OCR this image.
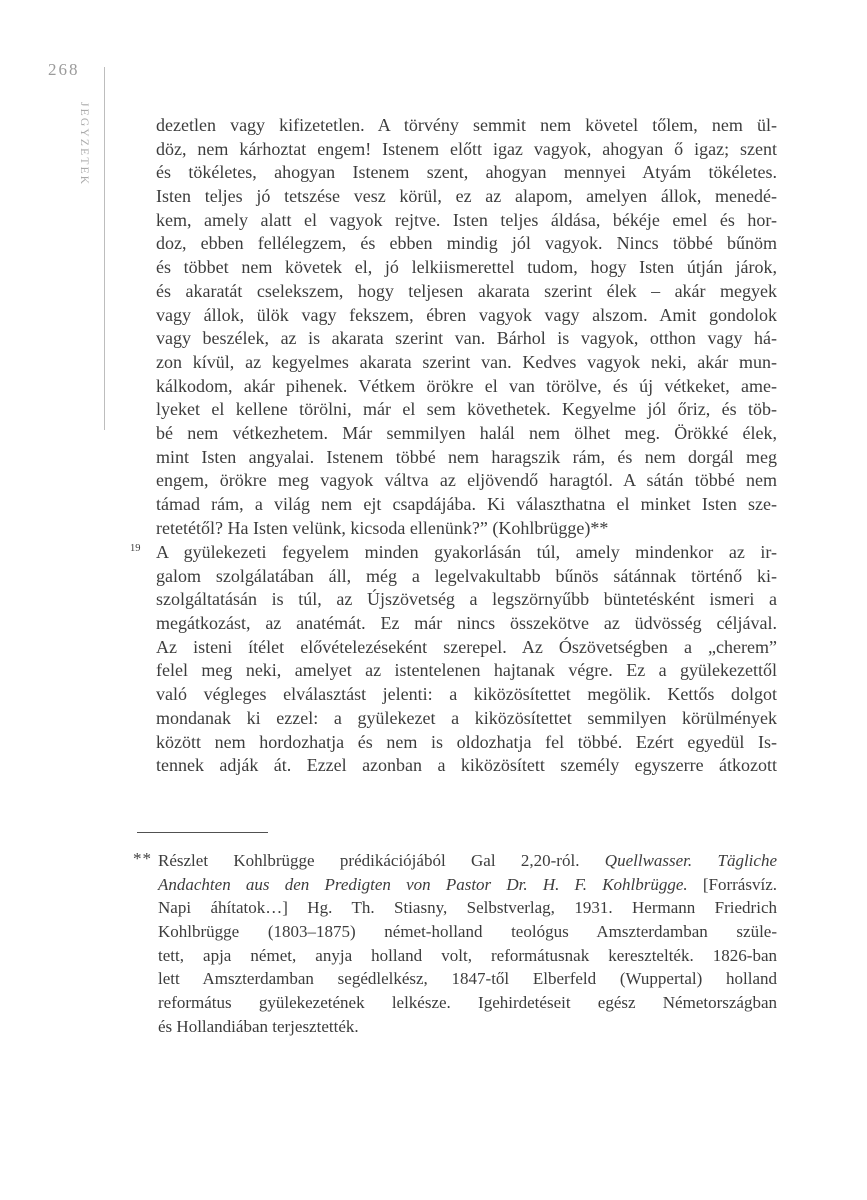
268
JEGYZETEK	dezetlen vagy kifizetetlen. A törvény semmit nem követel tőlem, nem ül-
döz, nem kárhoztat engem! Istenem előtt igaz vagyok, ahogyan ő igaz; szent
és tökéletes, ahogyan Istenem szent, ahogyan mennyei Atyám tökéletes.
Isten teljes jó tetszése vesz körül, ez az alapom, amelyen állok, menedé-
kem, amely alatt el vagyok rejtve. Isten teljes áldása, békéje emel és hor-
doz, ebben fellélegzem, és ebben mindig jól vagyok. Nincs többé bűnöm
és többet nem követek el, jó lelkiismerettel tudom, hogy Isten útján járok,
és akaratát cselekszem, hogy teljesen akarata szerint élek – akár megyek
vagy állok, ülök vagy fekszem, ébren vagyok vagy alszom. Amit gondolok
vagy beszélek, az is akarata szerint van. Bárhol is vagyok, otthon vagy há-
zon kívül, az kegyelmes akarata szerint van. Kedves vagyok neki, akár mun-
kálkodom, akár pihenek. Vétkem örökre el van törölve, és új vétkeket, ame-
lyeket el kellene törölni, már el sem követhetek. Kegyelme jól őriz, és töb-
bé nem vétkezhetem. Már semmilyen halál nem ölhet meg. Örökké élek,
mint Isten angyalai. Istenem többé nem haragszik rám, és nem dorgál meg
engem, örökre meg vagyok váltva az eljövendő haragtól. A sátán többé nem
támad rám, a világ nem ejt csapdájába. Ki választhatna el minket Isten sze-
retetétől? Ha Isten velünk, kicsoda ellenünk?” (Kohlbrügge)**
19 A gyülekezeti fegyelem minden gyakorlásán túl, amely mindenkor az ir-
galom szolgálatában áll, még a legelvakultabb bűnös sátánnak történő ki-
szolgáltatásán is túl, az Újszövetség a legszörnyűbb büntetésként ismeri a
megátkozást, az anatémát. Ez már nincs összekötve az üdvösség céljával.
Az isteni ítélet elővételezéseként szerepel. Az Ószövetségben a „cherem”
felel meg neki, amelyet az istentelenen hajtanak végre. Ez a gyülekezettől
való végleges elválasztást jelenti: a kiközösítettet megölik. Kettős dolgot
mondanak ki ezzel: a gyülekezet a kiközösítettet semmilyen körülmények
között nem hordozhatja és nem is oldozhatja fel többé. Ezért egyedül Is-
tennek adják át. Ezzel azonban a kiközösített személy egyszerre átkozott
** Részlet Kohlbrügge prédikációjából Gal 2,20-ról. Quellwasser. Tägliche
Andachten aus den Predigten von Pastor Dr. H. F. Kohlbrügge. [Forrásvíz.
Napi áhítatok…] Hg. Th. Stiasny, Selbstverlag, 1931. Hermann Friedrich
Kohlbrügge (1803–1875) német-holland teológus Amszterdamban szüle-
tett, apja német, anyja holland volt, reformátusnak keresztelték. 1826-ban
lett Amszterdamban segédlelkész, 1847-től Elberfeld (Wuppertal) holland
református gyülekezetének lelkésze. Igehirdetéseit egész Németországban
és Hollandiában terjesztették.
